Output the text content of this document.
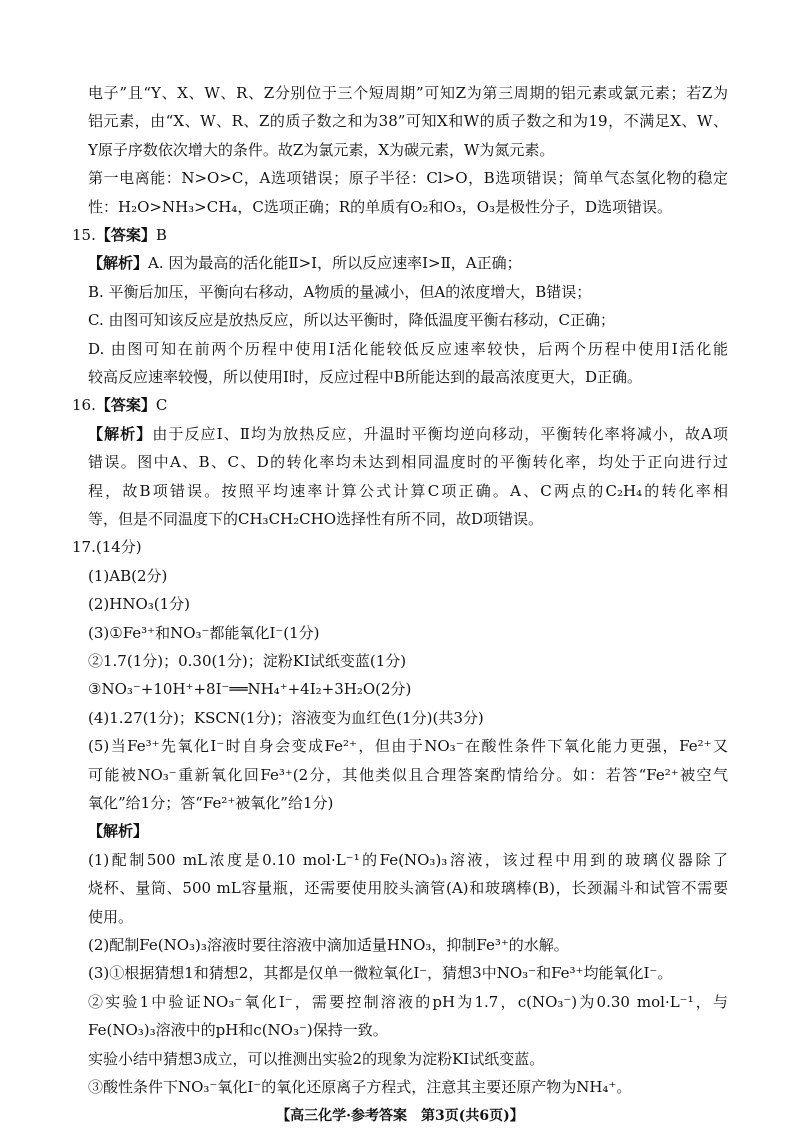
电子”且“Y、X、W、R、Z分别位于三个短周期”可知Z为第三周期的铝元素或氯元素；若Z为
铝元素，由“X、W、R、Z的质子数之和为38”可知X和W的质子数之和为19，不满足X、W、
Y原子序数依次增大的条件。故Z为氯元素，X为碳元素，W为氮元素。
第一电离能：N>O>C，A选项错误；原子半径：Cl>O，B选项错误；简单气态氢化物的稳定
性：H₂O>NH₃>CH₄，C选项正确；R的单质有O₂和O₃，O₃是极性分子，D选项错误。
15.【答案】B
【解析】A. 因为最高的活化能Ⅱ>Ⅰ，所以反应速率Ⅰ>Ⅱ，A正确；
B. 平衡后加压，平衡向右移动，A物质的量减小，但A的浓度增大，B错误；
C. 由图可知该反应是放热反应，所以达平衡时，降低温度平衡右移动，C正确；
D. 由图可知在前两个历程中使用Ⅰ活化能较低反应速率较快，后两个历程中使用Ⅰ活化能
较高反应速率较慢，所以使用Ⅰ时，反应过程中B所能达到的最高浓度更大，D正确。
16.【答案】C
【解析】由于反应Ⅰ、Ⅱ均为放热反应，升温时平衡均逆向移动，平衡转化率将减小，故A项
错误。图中A、B、C、D的转化率均未达到相同温度时的平衡转化率，均处于正向进行过
程，故B项错误。按照平均速率计算公式计算C项正确。A、C两点的C₂H₄的转化率相
等，但是不同温度下的CH₃CH₂CHO选择性有所不同，故D项错误。
17.(14分)
(1)AB(2分)
(2)HNO₃(1分)
(3)①Fe³⁺和NO₃⁻都能氧化I⁻(1分)
②1.7(1分)；0.30(1分)；淀粉KI试纸变蓝(1分)
③NO₃⁻+10H⁺+8I⁻══NH₄⁺+4I₂+3H₂O(2分)
(4)1.27(1分)；KSCN(1分)；溶液变为血红色(1分)(共3分)
(5)当Fe³⁺先氧化I⁻时自身会变成Fe²⁺，但由于NO₃⁻在酸性条件下氧化能力更强，Fe²⁺又
可能被NO₃⁻重新氧化回Fe³⁺(2分，其他类似且合理答案酌情给分。如：若答“Fe²⁺被空气
氧化”给1分；答“Fe²⁺被氧化”给1分)
【解析】
(1)配制500 mL浓度是0.10 mol·L⁻¹的Fe(NO₃)₃溶液，该过程中用到的玻璃仪器除了
烧杯、量筒、500 mL容量瓶，还需要使用胶头滴管(A)和玻璃棒(B)，长颈漏斗和试管不需要
使用。
(2)配制Fe(NO₃)₃溶液时要往溶液中滴加适量HNO₃，抑制Fe³⁺的水解。
(3)①根据猜想1和猜想2，其都是仅单一微粒氧化I⁻，猜想3中NO₃⁻和Fe³⁺均能氧化I⁻。
②实验1中验证NO₃⁻氧化I⁻，需要控制溶液的pH为1.7，c(NO₃⁻)为0.30 mol·L⁻¹，与
【高三化学·参考答案　第3页(共6页)】
Fe(NO₃)₃溶液中的pH和c(NO₃⁻)保持一致。
实验小结中猜想3成立，可以推测出实验2的现象为淀粉KI试纸变蓝。
③酸性条件下NO₃⁻氧化I⁻的氧化还原离子方程式，注意其主要还原产物为NH₄⁺。
